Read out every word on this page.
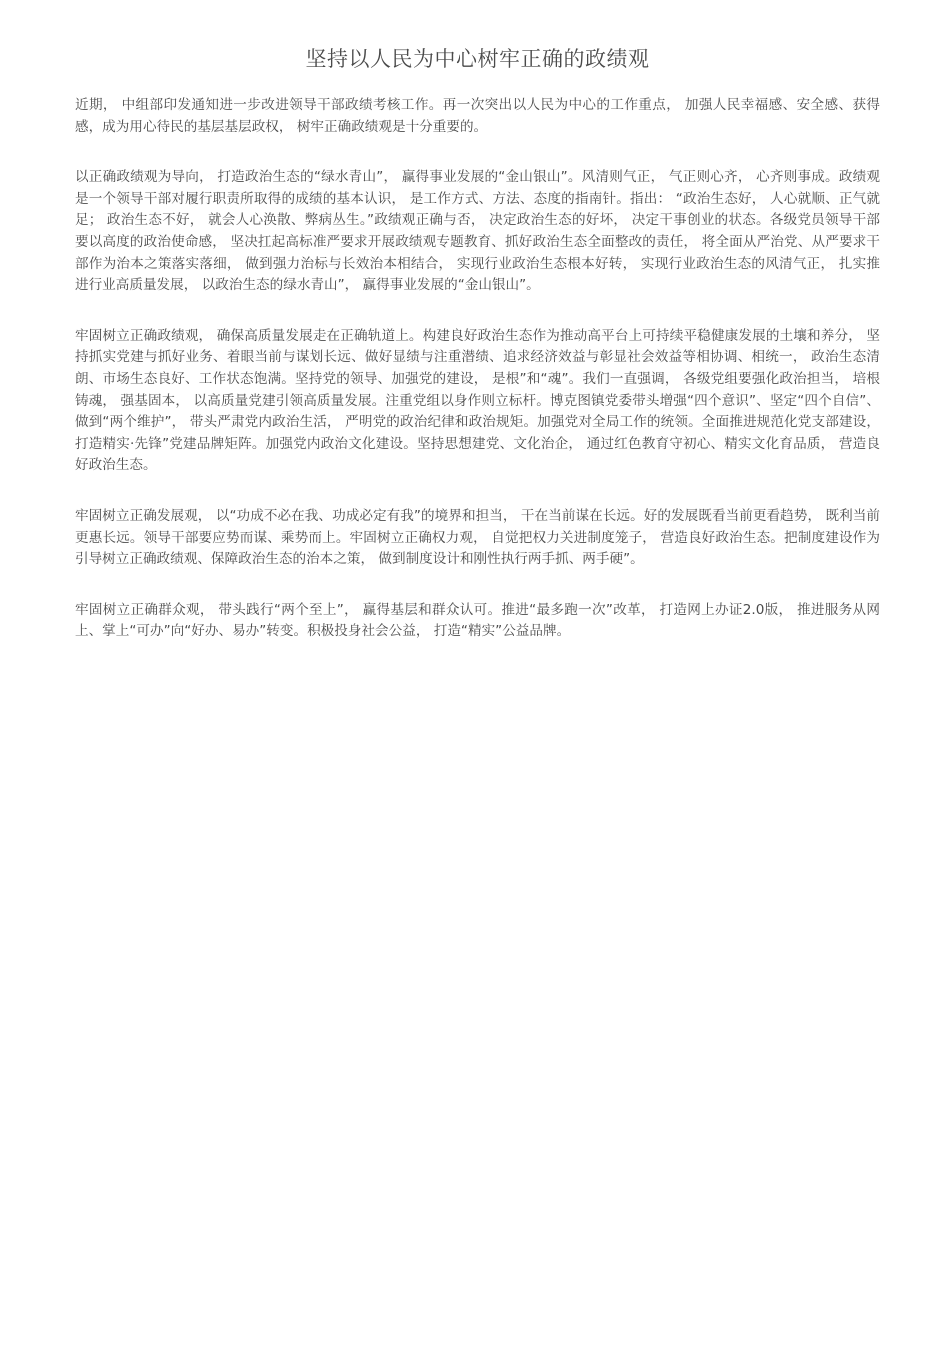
坚持以人民为中心树牢正确的政绩观

近期， 中组部印发通知进一步改进领导干部政绩考核工作。再一次突出以人民为中心的工作重点， 加强人民幸福感、安全感、获得感，成为用心待民的基层基层政权， 树牢正确政绩观是十分重要的。

以正确政绩观为导向， 打造政治生态的“绿水青山”， 赢得事业发展的“金山银山”。风清则气正， 气正则心齐， 心齐则事成。政绩观是一个领导干部对履行职责所取得的成绩的基本认识， 是工作方式、方法、态度的指南针。指出： “政治生态好， 人心就顺、正气就足； 政治生态不好， 就会人心涣散、弊病丛生。”政绩观正确与否， 决定政治生态的好坏， 决定干事创业的状态。各级党员领导干部要以高度的政治使命感， 坚决扛起高标准严要求开展政绩观专题教育、抓好政治生态全面整改的责任， 将全面从严治党、从严要求干部作为治本之策落实落细， 做到强力治标与长效治本相结合， 实现行业政治生态根本好转， 实现行业政治生态的风清气正， 扎实推进行业高质量发展， 以政治生态的绿水青山”， 赢得事业发展的“金山银山”。

牢固树立正确政绩观， 确保高质量发展走在正确轨道上。构建良好政治生态作为推动高平台上可持续平稳健康发展的土壤和养分， 坚持抓实党建与抓好业务、着眼当前与谋划长远、做好显绩与注重潜绩、追求经济效益与彰显社会效益等相协调、相统一， 政治生态清朗、市场生态良好、工作状态饱满。坚持党的领导、加强党的建设， 是根”和“魂”。我们一直强调， 各级党组要强化政治担当， 培根铸魂， 强基固本， 以高质量党建引领高质量发展。注重党组以身作则立标杆。博克图镇党委带头增强“四个意识”、坚定“四个自信”、做到“两个维护”， 带头严肃党内政治生活， 严明党的政治纪律和政治规矩。加强党对全局工作的统领。全面推进规范化党支部建设， 打造精实·先锋”党建品牌矩阵。加强党内政治文化建设。坚持思想建党、文化治企， 通过红色教育守初心、精实文化育品质， 营造良好政治生态。

牢固树立正确发展观， 以“功成不必在我、功成必定有我”的境界和担当， 干在当前谋在长远。好的发展既看当前更看趋势， 既利当前更惠长远。领导干部要应势而谋、乘势而上。牢固树立正确权力观， 自觉把权力关进制度笼子， 营造良好政治生态。把制度建设作为引导树立正确政绩观、保障政治生态的治本之策， 做到制度设计和刚性执行两手抓、两手硬”。

牢固树立正确群众观， 带头践行“两个至上”， 赢得基层和群众认可。推进“最多跑一次”改革， 打造网上办证2.0版， 推进服务从网上、掌上“可办”向“好办、易办”转变。积极投身社会公益， 打造“精实”公益品牌。
